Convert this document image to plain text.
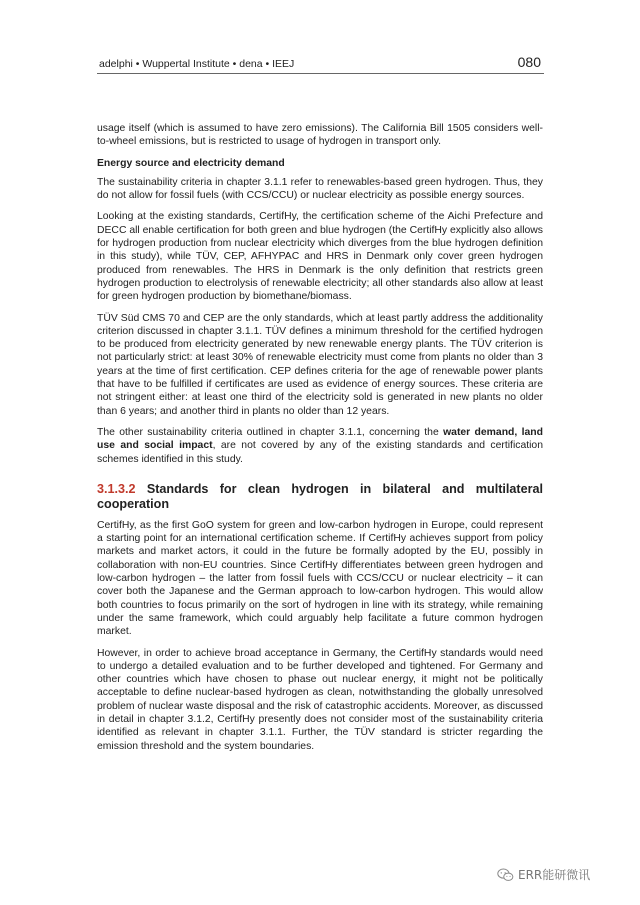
adelphi • Wuppertal Institute • dena • IEEJ	080

usage itself (which is assumed to have zero emissions). The California Bill 1505 considers well-to-wheel emissions, but is restricted to usage of hydrogen in transport only.

Energy source and electricity demand

The sustainability criteria in chapter 3.1.1 refer to renewables-based green hydrogen. Thus, they do not allow for fossil fuels (with CCS/CCU) or nuclear electricity as possible energy sources.

Looking at the existing standards, CertifHy, the certification scheme of the Aichi Prefecture and DECC all enable certification for both green and blue hydrogen (the CertifHy explicitly also allows for hydrogen production from nuclear electricity which diverges from the blue hydrogen definition in this study), while TÜV, CEP, AFHYPAC and HRS in Denmark only cover green hydrogen produced from renewables. The HRS in Denmark is the only definition that restricts green hydrogen production to electrolysis of renewable electricity; all other standards also allow at least for green hydrogen production by biomethane/biomass.

TÜV Süd CMS 70 and CEP are the only standards, which at least partly address the additionality criterion discussed in chapter 3.1.1. TÜV defines a minimum threshold for the certified hydrogen to be produced from electricity generated by new renewable energy plants. The TÜV criterion is not particularly strict: at least 30% of renewable electricity must come from plants no older than 3 years at the time of first certification. CEP defines criteria for the age of renewable power plants that have to be fulfilled if certificates are used as evidence of energy sources. These criteria are not stringent either: at least one third of the electricity sold is generated in new plants no older than 6 years; and another third in plants no older than 12 years.

The other sustainability criteria outlined in chapter 3.1.1, concerning the water demand, land use and social impact, are not covered by any of the existing standards and certification schemes identified in this study.

3.1.3.2 Standards for clean hydrogen in bilateral and multilateral cooperation

CertifHy, as the first GoO system for green and low-carbon hydrogen in Europe, could represent a starting point for an international certification scheme. If CertifHy achieves support from policy markets and market actors, it could in the future be formally adopted by the EU, possibly in collaboration with non-EU countries. Since CertifHy differentiates between green hydrogen and low-carbon hydrogen – the latter from fossil fuels with CCS/CCU or nuclear electricity – it can cover both the Japanese and the German approach to low-carbon hydrogen. This would allow both countries to focus primarily on the sort of hydrogen in line with its strategy, while remaining under the same framework, which could arguably help facilitate a future common hydrogen market.

However, in order to achieve broad acceptance in Germany, the CertifHy standards would need to undergo a detailed evaluation and to be further developed and tightened. For Germany and other countries which have chosen to phase out nuclear energy, it might not be politically acceptable to define nuclear-based hydrogen as clean, notwithstanding the globally unresolved problem of nuclear waste disposal and the risk of catastrophic accidents. Moreover, as discussed in detail in chapter 3.1.2, CertifHy presently does not consider most of the sustainability criteria identified as relevant in chapter 3.1.1. Further, the TÜV standard is stricter regarding the emission threshold and the system boundaries.

ERR能研微讯
